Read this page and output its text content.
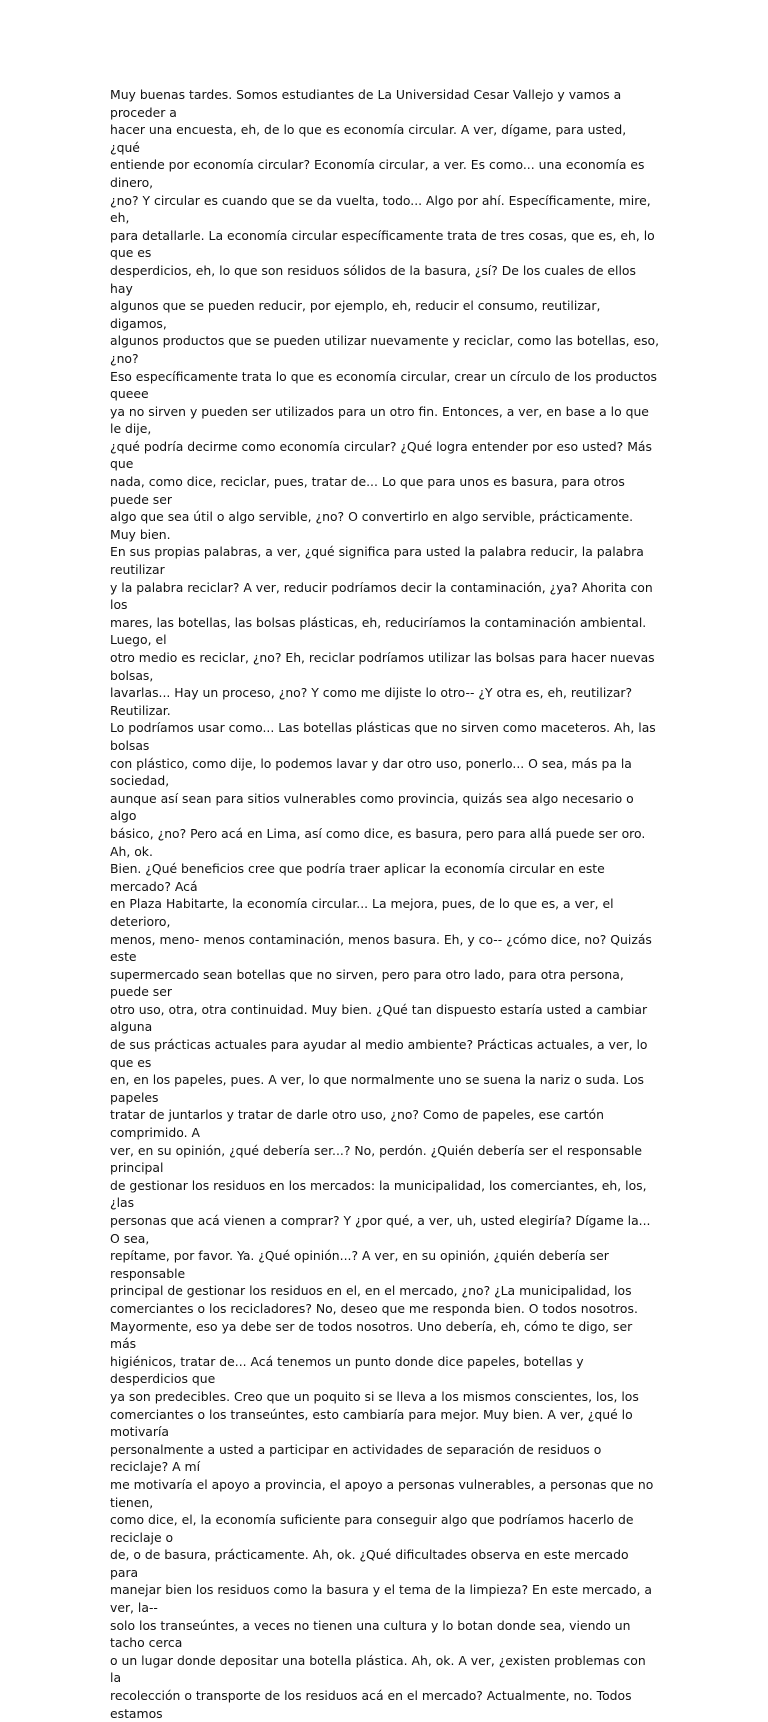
Muy buenas tardes. Somos estudiantes de La Universidad Cesar Vallejo y vamos a proceder a
hacer una encuesta, eh, de lo que es economía circular. A ver, dígame, para usted, ¿qué
entiende por economía circular? Economía circular, a ver. Es como... una economía es dinero,
¿no? Y circular es cuando que se da vuelta, todo... Algo por ahí. Específicamente, mire, eh,
para detallarle. La economía circular específicamente trata de tres cosas, que es, eh, lo que es
desperdicios, eh, lo que son residuos sólidos de la basura, ¿sí? De los cuales de ellos hay
algunos que se pueden reducir, por ejemplo, eh, reducir el consumo, reutilizar, digamos,
algunos productos que se pueden utilizar nuevamente y reciclar, como las botellas, eso, ¿no?
Eso específicamente trata lo que es economía circular, crear un círculo de los productos queee
ya no sirven y pueden ser utilizados para un otro fin. Entonces, a ver, en base a lo que le dije,
¿qué podría decirme como economía circular? ¿Qué logra entender por eso usted? Más que
nada, como dice, reciclar, pues, tratar de... Lo que para unos es basura, para otros puede ser
algo que sea útil o algo servible, ¿no? O convertirlo en algo servible, prácticamente. Muy bien.
En sus propias palabras, a ver, ¿qué significa para usted la palabra reducir, la palabra reutilizar
y la palabra reciclar? A ver, reducir podríamos decir la contaminación, ¿ya? Ahorita con los
mares, las botellas, las bolsas plásticas, eh, reduciríamos la contaminación ambiental. Luego, el
otro medio es reciclar, ¿no? Eh, reciclar podríamos utilizar las bolsas para hacer nuevas bolsas,
lavarlas... Hay un proceso, ¿no? Y como me dijiste lo otro-- ¿Y otra es, eh, reutilizar? Reutilizar.
Lo podríamos usar como... Las botellas plásticas que no sirven como maceteros. Ah, las bolsas
con plástico, como dije, lo podemos lavar y dar otro uso, ponerlo... O sea, más pa la sociedad,
aunque así sean para sitios vulnerables como provincia, quizás sea algo necesario o algo
básico, ¿no? Pero acá en Lima, así como dice, es basura, pero para allá puede ser oro. Ah, ok.
Bien. ¿Qué beneficios cree que podría traer aplicar la economía circular en este mercado? Acá
en Plaza Habitarte, la economía circular... La mejora, pues, de lo que es, a ver, el deterioro,
menos, meno- menos contaminación, menos basura. Eh, y co-- ¿cómo dice, no? Quizás este
supermercado sean botellas que no sirven, pero para otro lado, para otra persona, puede ser
otro uso, otra, otra continuidad. Muy bien. ¿Qué tan dispuesto estaría usted a cambiar alguna
de sus prácticas actuales para ayudar al medio ambiente? Prácticas actuales, a ver, lo que es
en, en los papeles, pues. A ver, lo que normalmente uno se suena la nariz o suda. Los papeles
tratar de juntarlos y tratar de darle otro uso, ¿no? Como de papeles, ese cartón comprimido. A
ver, en su opinión, ¿qué debería ser...? No, perdón. ¿Quién debería ser el responsable principal
de gestionar los residuos en los mercados: la municipalidad, los comerciantes, eh, los, ¿las
personas que acá vienen a comprar? Y ¿por qué, a ver, uh, usted elegiría? Dígame la... O sea,
repítame, por favor. Ya. ¿Qué opinión...? A ver, en su opinión, ¿quién debería ser responsable
principal de gestionar los residuos en el, en el mercado, ¿no? ¿La municipalidad, los
comerciantes o los recicladores? No, deseo que me responda bien. O todos nosotros.
Mayormente, eso ya debe ser de todos nosotros. Uno debería, eh, cómo te digo, ser más
higiénicos, tratar de... Acá tenemos un punto donde dice papeles, botellas y desperdicios que
ya son predecibles. Creo que un poquito si se lleva a los mismos conscientes, los, los
comerciantes o los transeúntes, esto cambiaría para mejor. Muy bien. A ver, ¿qué lo motivaría
personalmente a usted a participar en actividades de separación de residuos o reciclaje? A mí
me motivaría el apoyo a provincia, el apoyo a personas vulnerables, a personas que no tienen,
como dice, el, la economía suficiente para conseguir algo que podríamos hacerlo de reciclaje o
de, o de basura, prácticamente. Ah, ok. ¿Qué dificultades observa en este mercado para
manejar bien los residuos como la basura y el tema de la limpieza? En este mercado, a ver, la--
solo los transeúntes, a veces no tienen una cultura y lo botan donde sea, viendo un tacho cerca
o un lugar donde depositar una botella plástica. Ah, ok. A ver, ¿existen problemas con la
recolección o transporte de los residuos acá en el mercado? Actualmente, no. Todos estamos
